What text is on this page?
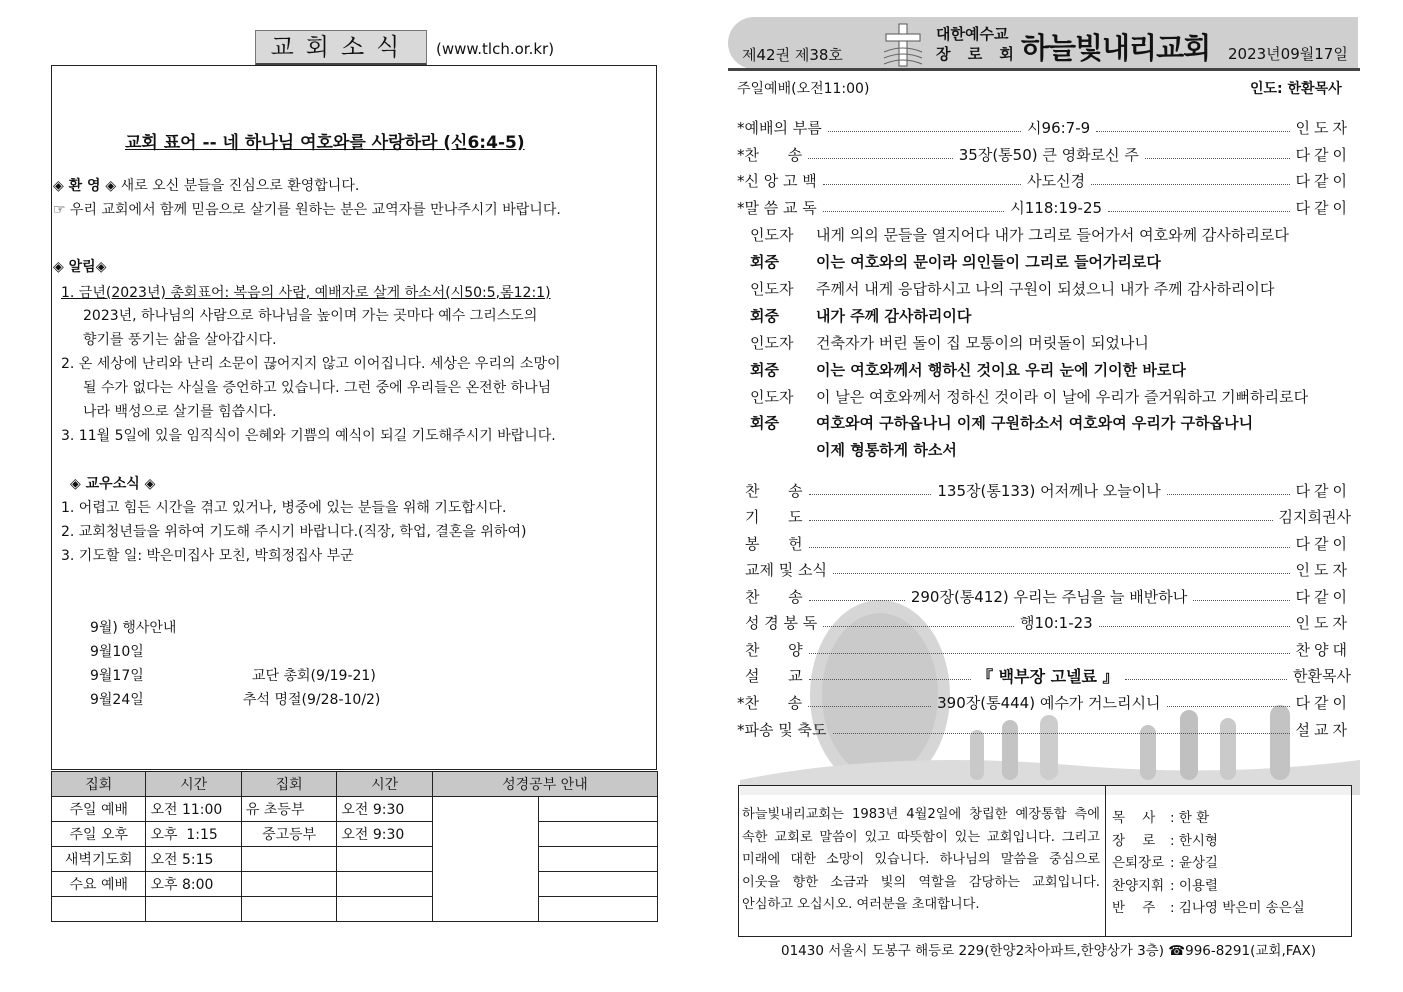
교회소식	(www.tlch.or.kr)
교회 표어 -- 네 하나님 여호와를 사랑하라 (신6:4-5)
◈ 환 영 ◈ 새로 오신 분들을 진심으로 환영합니다.
☞ 우리 교회에서 함께 믿음으로 살기를 원하는 분은 교역자를 만나주시기 바랍니다.
◈ 알림◈
1. 금년(2023년) 총회표어: 복음의 사람, 예배자로 살게 하소서(시50:5,롬12:1)
2023년, 하나님의 사람으로 하나님을 높이며 가는 곳마다 예수 그리스도의
향기를 풍기는 삶을 살아갑시다.
2. 온 세상에 난리와 난리 소문이 끊어지지 않고 이어집니다. 세상은 우리의 소망이
될 수가 없다는 사실을 증언하고 있습니다. 그런 중에 우리들은 온전한 하나님
나라 백성으로 살기를 힘씁시다.
3. 11월 5일에 있을 임직식이 은혜와 기쁨의 예식이 되길 기도해주시기 바랍니다.
◈ 교우소식 ◈
1. 어렵고 힘든 시간을 겪고 있거나, 병중에 있는 분들을 위해 기도합시다.
2. 교회청년들을 위하여 기도해 주시기 바랍니다.(직장, 학업, 결혼을 위하여)
3. 기도할 일: 박은미집사 모친, 박희정집사 부군
9월) 행사안내
9월10일
9월17일	교단 총회(9/19-21)
9월24일	추석 명절(9/28-10/2)
집회	시간	집회	시간	성경공부 안내	
주일 예배	오전 11:00	유 초등부	오전 9:30		
주일 오후	오후  1:15	중고등부	오전 9:30		
새벽기도회	오전 5:15				
수요 예배	오후 8:00				

제42권 제38호
대한예수교
장 로 회 하늘빛내리교회 2023년09월17일
주일예배(오전11:00)	인도: 한환목사
*예배의 부름	시96:7-9	인도자
*찬      송	35장(통50) 큰 영화로신 주	다같이
*신 앙 고 백	사도신경	다같이
*말 씀 교 독	시118:19-25	다같이
인도자 내게 의의 문들을 열지어다 내가 그리로 들어가서 여호와께 감사하리로다
회중 이는 여호와의 문이라 의인들이 그리로 들어가리로다
인도자 주께서 내게 응답하시고 나의 구원이 되셨으니 내가 주께 감사하리이다
회중 내가 주께 감사하리이다
인도자 건축자가 버린 돌이 집 모퉁이의 머릿돌이 되었나니
회중 이는 여호와께서 행하신 것이요 우리 눈에 기이한 바로다
인도자 이 날은 여호와께서 정하신 것이라 이 날에 우리가 즐거워하고 기뻐하리로다
회중 여호와여 구하옵나니 이제 구원하소서 여호와여 우리가 구하옵나니
이제 형통하게 하소서
찬      송	135장(통133) 어저께나 오늘이나	다같이
기      도	김지희권사
봉      헌	다같이
교제 및 소식	인도자
찬      송	290장(통412) 우리는 주님을 늘 배반하나	다같이
성 경 봉 독	행10:1-23	인도자
찬      양	찬양대
설      교	『 백부장 고넬료 』	한환목사
*찬      송	390장(통444) 예수가 거느리시니	다같이
*파송 및 축도	설교자
하늘빛내리교회는 1983년 4월2일에 창립한 예장통합 측에 속한 교회로 말씀이 있고 따뜻함이 있는 교회입니다. 그리고 미래에 대한 소망이 있습니다. 하나님의 말씀을 중심으로 이웃을 향한 소금과 빛의 역할을 감당하는 교회입니다. 안심하고 오십시오. 여러분을 초대합니다.
목    사 : 한 환
장    로 : 한시형
은퇴장로 : 윤상길
찬양지휘 : 이용렬
반    주 : 김나영 박은미 송은실
01430 서울시 도봉구 해등로 229(한양2차아파트,한양상가 3층) ☎996-8291(교회,FAX)
